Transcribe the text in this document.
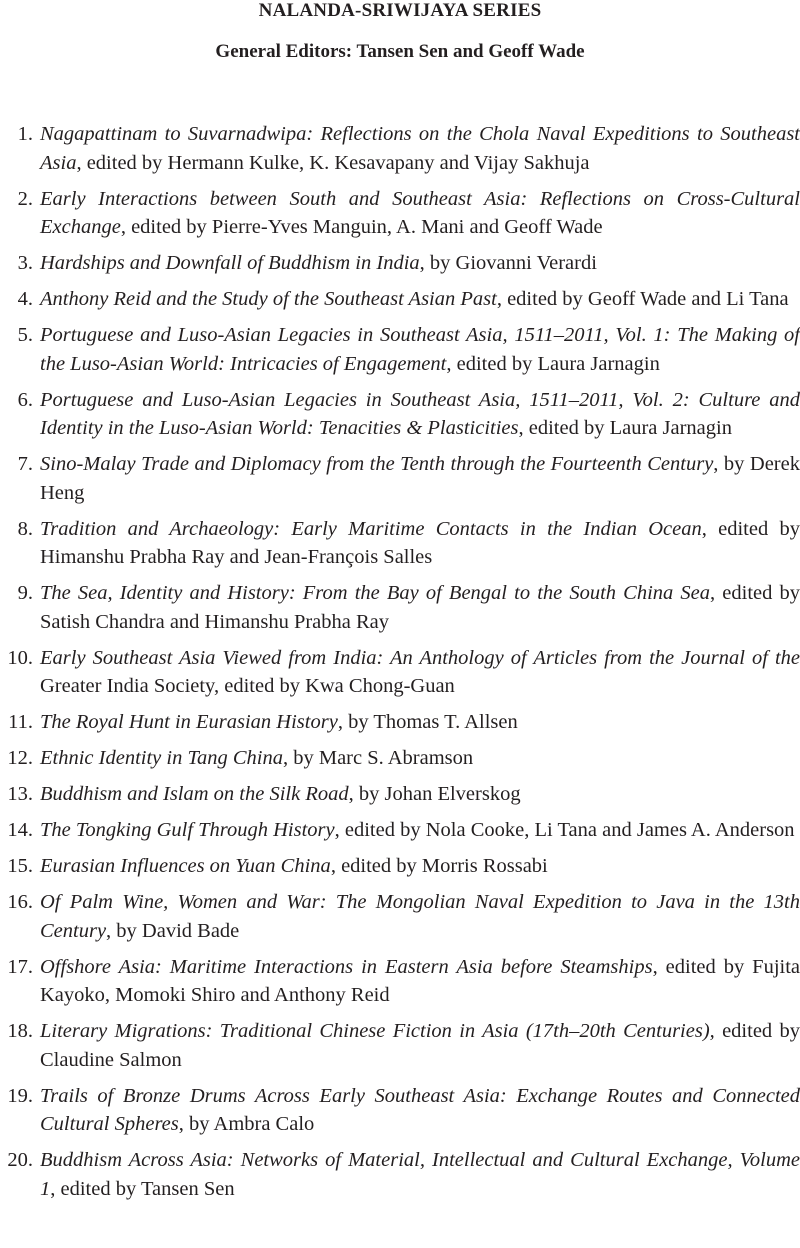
NALANDA-SRIWIJAYA SERIES
General Editors: Tansen Sen and Geoff Wade
1. Nagapattinam to Suvarnadwipa: Reflections on the Chola Naval Expeditions to Southeast Asia, edited by Hermann Kulke, K. Kesavapany and Vijay Sakhuja
2. Early Interactions between South and Southeast Asia: Reflections on Cross-Cultural Exchange, edited by Pierre-Yves Manguin, A. Mani and Geoff Wade
3. Hardships and Downfall of Buddhism in India, by Giovanni Verardi
4. Anthony Reid and the Study of the Southeast Asian Past, edited by Geoff Wade and Li Tana
5. Portuguese and Luso-Asian Legacies in Southeast Asia, 1511–2011, Vol. 1: The Making of the Luso-Asian World: Intricacies of Engagement, edited by Laura Jarnagin
6. Portuguese and Luso-Asian Legacies in Southeast Asia, 1511–2011, Vol. 2: Culture and Identity in the Luso-Asian World: Tenacities & Plasticities, edited by Laura Jarnagin
7. Sino-Malay Trade and Diplomacy from the Tenth through the Fourteenth Century, by Derek Heng
8. Tradition and Archaeology: Early Maritime Contacts in the Indian Ocean, edited by Himanshu Prabha Ray and Jean-François Salles
9. The Sea, Identity and History: From the Bay of Bengal to the South China Sea, edited by Satish Chandra and Himanshu Prabha Ray
10. Early Southeast Asia Viewed from India: An Anthology of Articles from the Journal of the Greater India Society, edited by Kwa Chong-Guan
11. The Royal Hunt in Eurasian History, by Thomas T. Allsen
12. Ethnic Identity in Tang China, by Marc S. Abramson
13. Buddhism and Islam on the Silk Road, by Johan Elverskog
14. The Tongking Gulf Through History, edited by Nola Cooke, Li Tana and James A. Anderson
15. Eurasian Influences on Yuan China, edited by Morris Rossabi
16. Of Palm Wine, Women and War: The Mongolian Naval Expedition to Java in the 13th Century, by David Bade
17. Offshore Asia: Maritime Interactions in Eastern Asia before Steamships, edited by Fujita Kayoko, Momoki Shiro and Anthony Reid
18. Literary Migrations: Traditional Chinese Fiction in Asia (17th–20th Centuries), edited by Claudine Salmon
19. Trails of Bronze Drums Across Early Southeast Asia: Exchange Routes and Connected Cultural Spheres, by Ambra Calo
20. Buddhism Across Asia: Networks of Material, Intellectual and Cultural Exchange, Volume 1, edited by Tansen Sen
